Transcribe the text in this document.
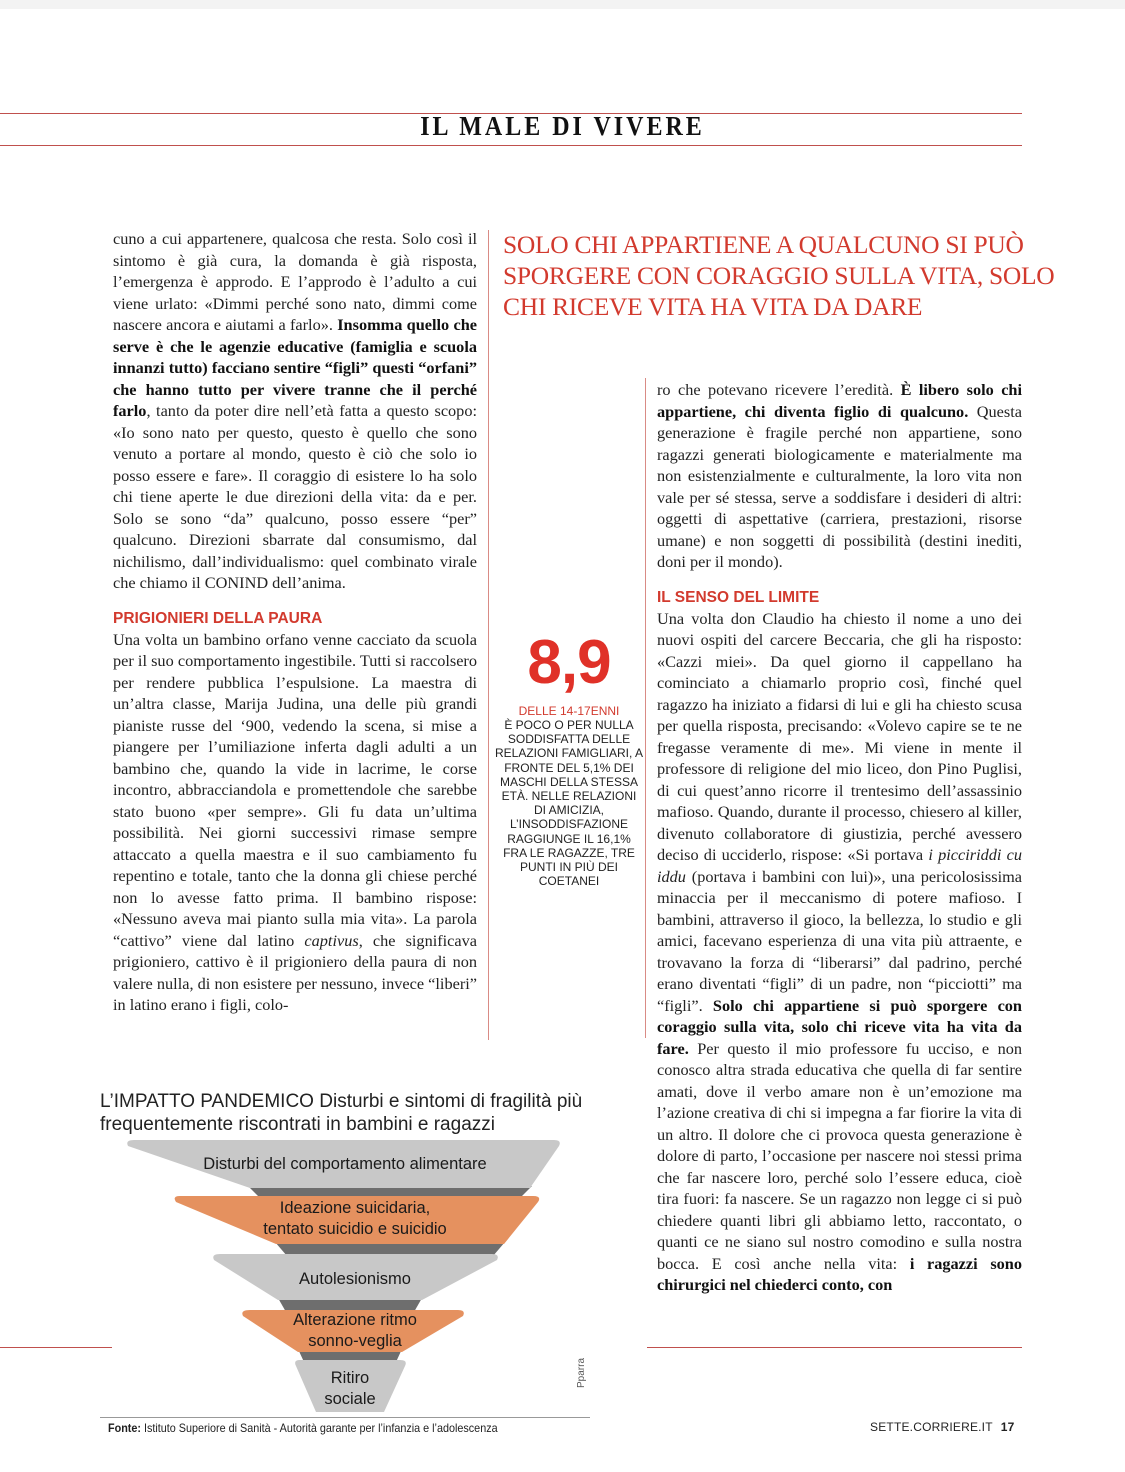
IL MALE DI VIVERE

cuno a cui appartenere, qualcosa che resta. Solo così il sintomo è già cura, la domanda è già risposta, l’emergenza è approdo. E l’approdo è l’adulto a cui viene urlato: «Dimmi perché sono nato, dimmi come nascere ancora e aiutami a farlo». Insomma quello che serve è che le agenzie educative (famiglia e scuola innanzi tutto) facciano sentire “figli” questi “orfani” che hanno tutto per vivere tranne che il perché farlo, tanto da poter dire nell’età fatta a questo scopo: «Io sono nato per questo, questo è quello che sono venuto a portare al mondo, questo è ciò che solo io posso essere e fare». Il coraggio di esistere lo ha solo chi tiene aperte le due direzioni della vita: da e per. Solo se sono “da” qualcuno, posso essere “per” qualcuno. Direzioni sbarrate dal consumismo, dal nichilismo, dall’individualismo: quel combinato virale che chiamo il CONIND dell’anima.

PRIGIONIERI DELLA PAURA

Una volta un bambino orfano venne cacciato da scuola per il suo comportamento ingestibile. Tutti si raccolsero per rendere pubblica l’espulsione. La maestra di un’altra classe, Marija Judina, una delle più grandi pianiste russe del ‘900, vedendo la scena, si mise a piangere per l’umiliazione inferta dagli adulti a un bambino che, quando la vide in lacrime, le corse incontro, abbracciandola e promettendole che sarebbe stato buono «per sempre». Gli fu data un’ultima possibilità. Nei giorni successivi rimase sempre attaccato a quella maestra e il suo cambiamento fu repentino e totale, tanto che la donna gli chiese perché non lo avesse fatto prima. Il bambino rispose: «Nessuno aveva mai pianto sulla mia vita». La parola “cattivo” viene dal latino captivus, che significava prigioniero, cattivo è il prigioniero della paura di non valere nulla, di non esistere per nessuno, invece “liberi” in latino erano i figli, colo-

SOLO CHI APPARTIENE A QUALCUNO SI PUÒ SPORGERE CON CORAGGIO SULLA VITA, SOLO CHI RICEVE VITA HA VITA DA DARE
8,9
DELLE 14-17ENNI
È POCO O PER NULLA SODDISFATTA DELLE RELAZIONI FAMIGLIARI, A FRONTE DEL 5,1% DEI MASCHI DELLA STESSA ETÀ. NELLE RELAZIONI DI AMICIZIA, L’INSODDISFAZIONE RAGGIUNGE IL 16,1% FRA LE RAGAZZE, TRE PUNTI IN PIÙ DEI COETANEI

ro che potevano ricevere l’eredità. È libero solo chi appartiene, chi diventa figlio di qualcuno. Questa generazione è fragile perché non appartiene, sono ragazzi generati biologicamente e materialmente ma non esistenzialmente e culturalmente, la loro vita non vale per sé stessa, serve a soddisfare i desideri di altri: oggetti di aspettative (carriera, prestazioni, risorse umane) e non soggetti di possibilità (destini inediti, doni per il mondo).

IL SENSO DEL LIMITE

Una volta don Claudio ha chiesto il nome a uno dei nuovi ospiti del carcere Beccaria, che gli ha risposto: «Cazzi miei». Da quel giorno il cappellano ha cominciato a chiamarlo proprio così, finché quel ragazzo ha iniziato a fidarsi di lui e gli ha chiesto scusa per quella risposta, precisando: «Volevo capire se te ne fregasse veramente di me». Mi viene in mente il professore di religione del mio liceo, don Pino Puglisi, di cui quest’anno ricorre il trentesimo dell’assassinio mafioso. Quando, durante il processo, chiesero al killer, divenuto collaboratore di giustizia, perché avessero deciso di ucciderlo, rispose: «Si portava i picciriddi cu iddu (portava i bambini con lui)», una pericolosissima minaccia per il meccanismo di potere mafioso. I bambini, attraverso il gioco, la bellezza, lo studio e gli amici, facevano esperienza di una vita più attraente, e trovavano la forza di “liberarsi” dal padrino, perché erano diventati “figli” di un padre, non “picciotti” ma “figli”. Solo chi appartiene si può sporgere con coraggio sulla vita, solo chi riceve vita ha vita da fare. Per questo il mio professore fu ucciso, e non conosco altra strada educativa che quella di far sentire amati, dove il verbo amare non è un’emozione ma l’azione creativa di chi si impegna a far fiorire la vita di un altro. Il dolore che ci provoca questa generazione è dolore di parto, l’occasione per nascere noi stessi prima che far nascere loro, perché solo l’essere educa, cioè tira fuori: fa nascere. Se un ragazzo non legge ci si può chiedere quanti libri gli abbiamo letto, raccontato, o quanti ce ne siano sul nostro comodino e sulla nostra bocca. E così anche nella vita: i ragazzi sono chirurgici nel chiederci conto, con

L’IMPATTO PANDEMICO Disturbi e sintomi di fragilità più frequentemente riscontrati in bambini e ragazzi
Disturbi del comportamento alimentare
Ideazione suicidaria,
tentato suicidio e suicidio
Autolesionismo
Alterazione ritmo
sonno-veglia
Ritiro
sociale
Pparra
Fonte: Istituto Superiore di Sanità - Autorità garante per l’infanzia e l’adolescenza	SETTE.CORRIERE.IT 17
